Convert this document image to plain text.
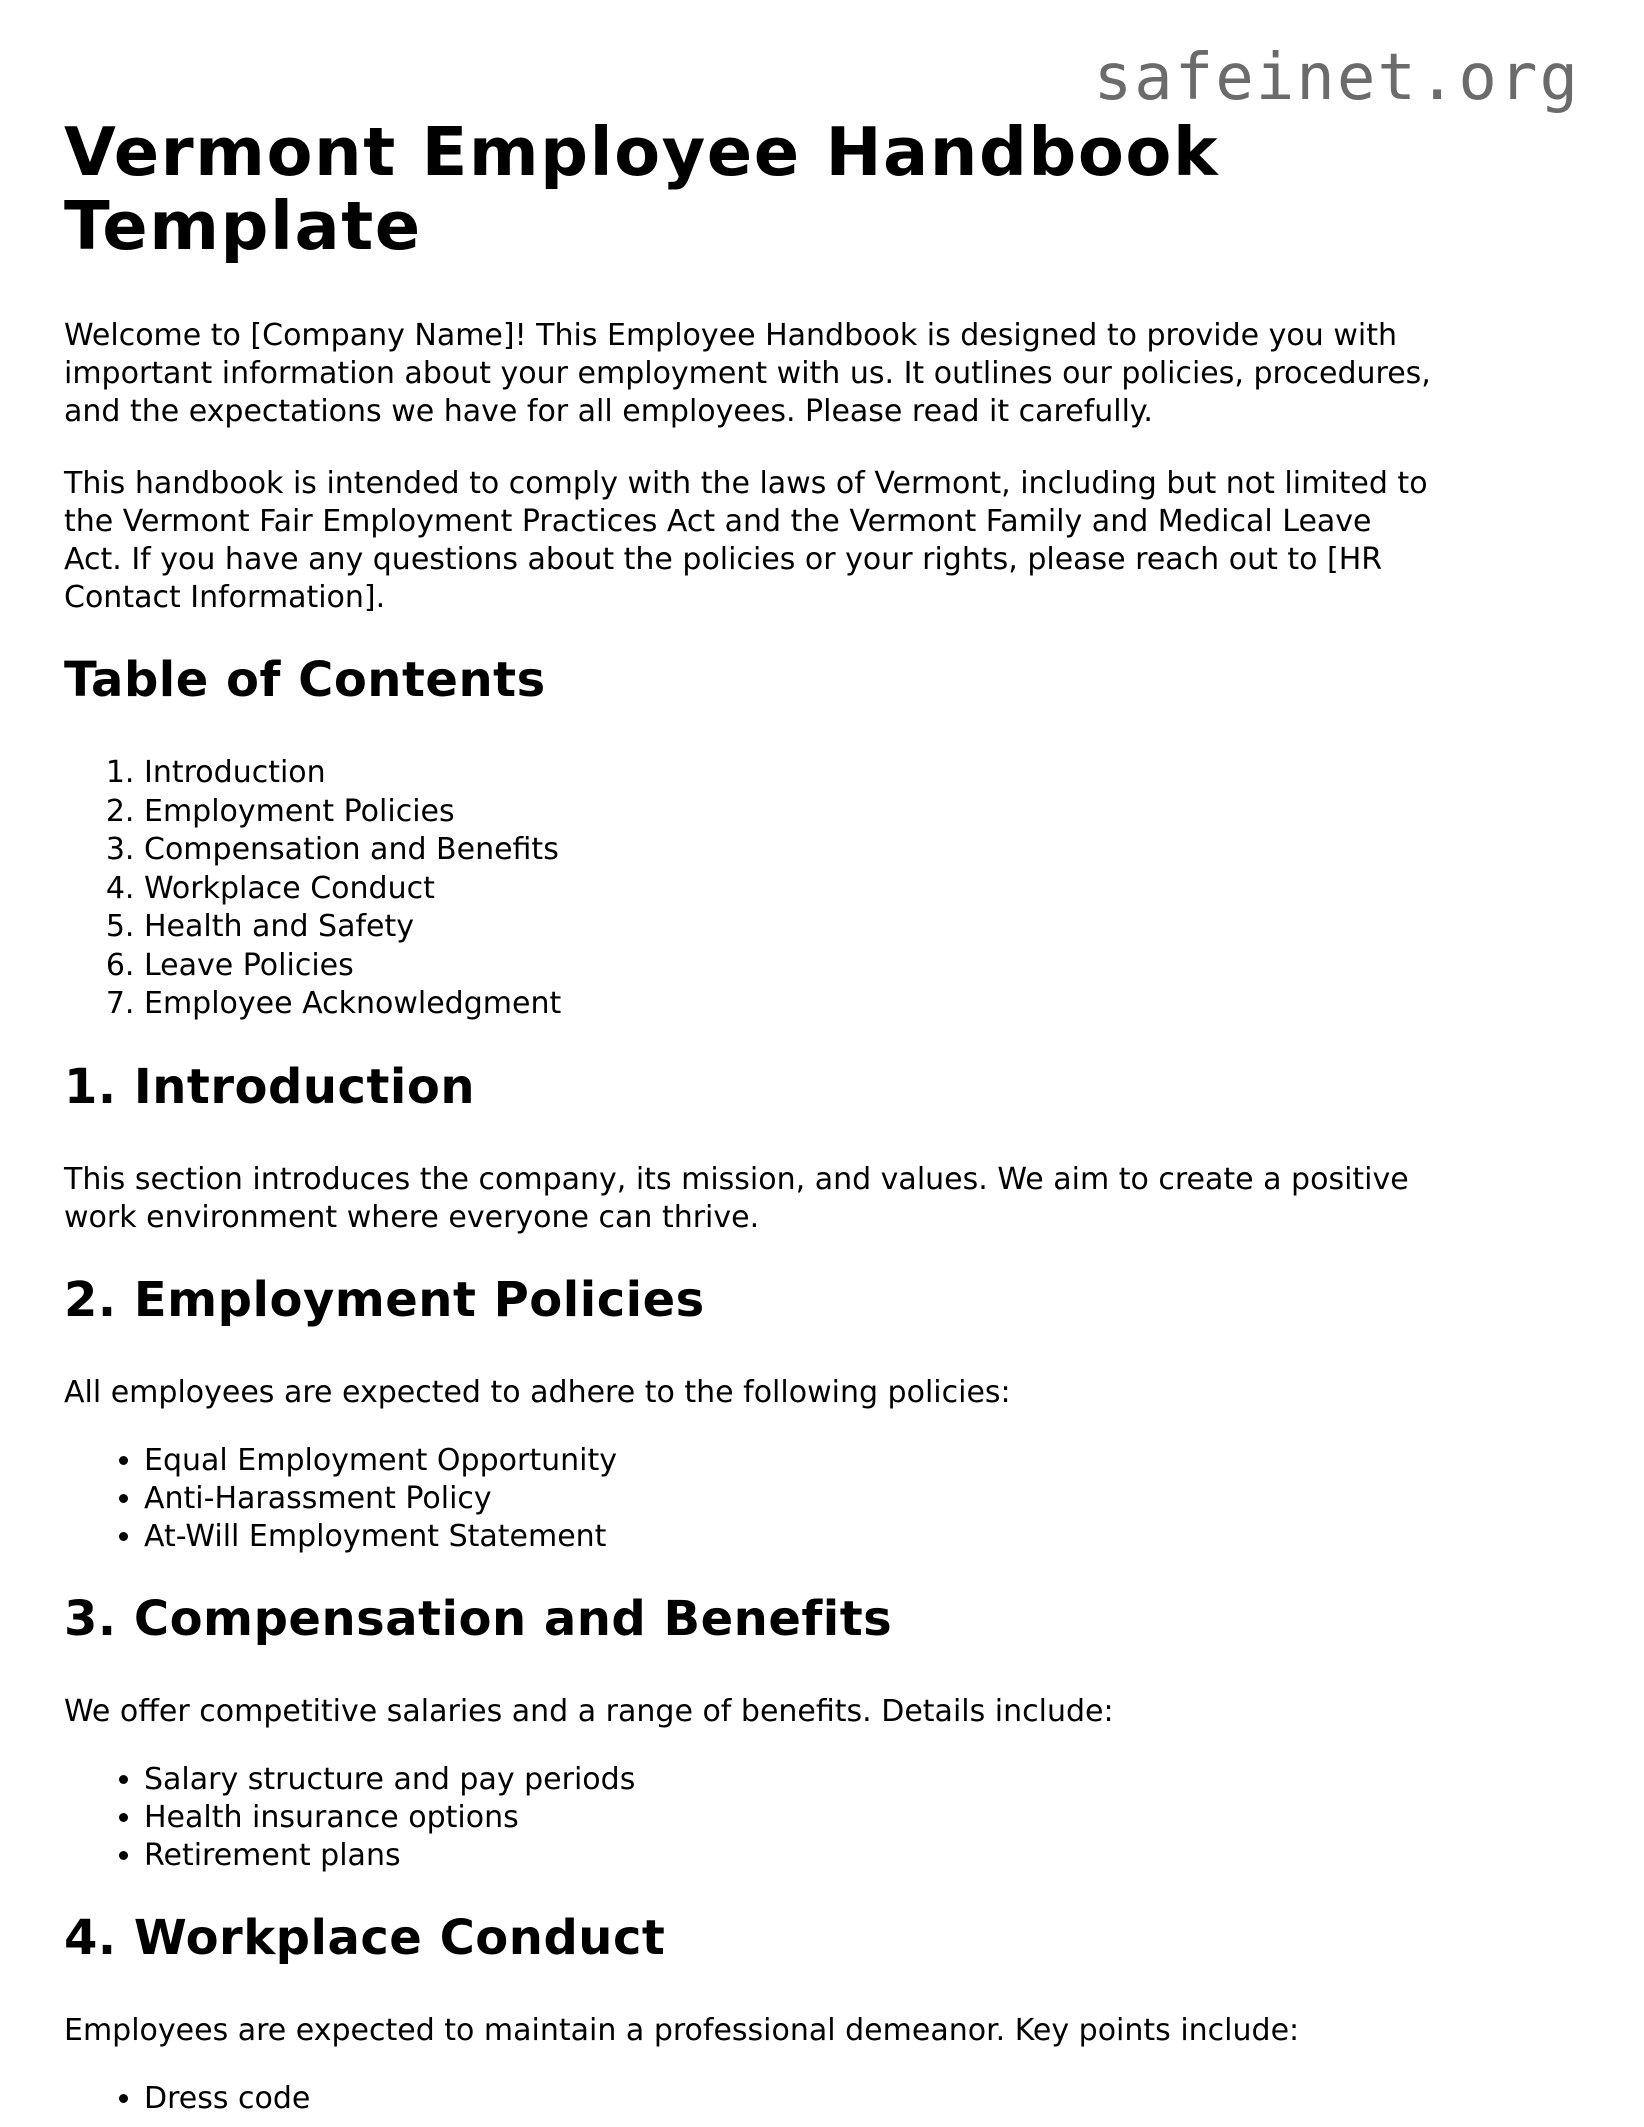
safeinet.org
Vermont Employee Handbook Template

Welcome to [Company Name]! This Employee Handbook is designed to provide you with
important information about your employment with us. It outlines our policies, procedures,
and the expectations we have for all employees. Please read it carefully.

This handbook is intended to comply with the laws of Vermont, including but not limited to
the Vermont Fair Employment Practices Act and the Vermont Family and Medical Leave
Act. If you have any questions about the policies or your rights, please reach out to [HR
Contact Information].

Table of Contents
1. Introduction
2. Employment Policies
3. Compensation and Benefits
4. Workplace Conduct
5. Health and Safety
6. Leave Policies
7. Employee Acknowledgment
1. Introduction

This section introduces the company, its mission, and values. We aim to create a positive
work environment where everyone can thrive.

2. Employment Policies

All employees are expected to adhere to the following policies:

• Equal Employment Opportunity
• Anti-Harassment Policy
• At-Will Employment Statement
3. Compensation and Benefits

We offer competitive salaries and a range of benefits. Details include:

• Salary structure and pay periods
• Health insurance options
• Retirement plans
4. Workplace Conduct

Employees are expected to maintain a professional demeanor. Key points include:

• Dress code
